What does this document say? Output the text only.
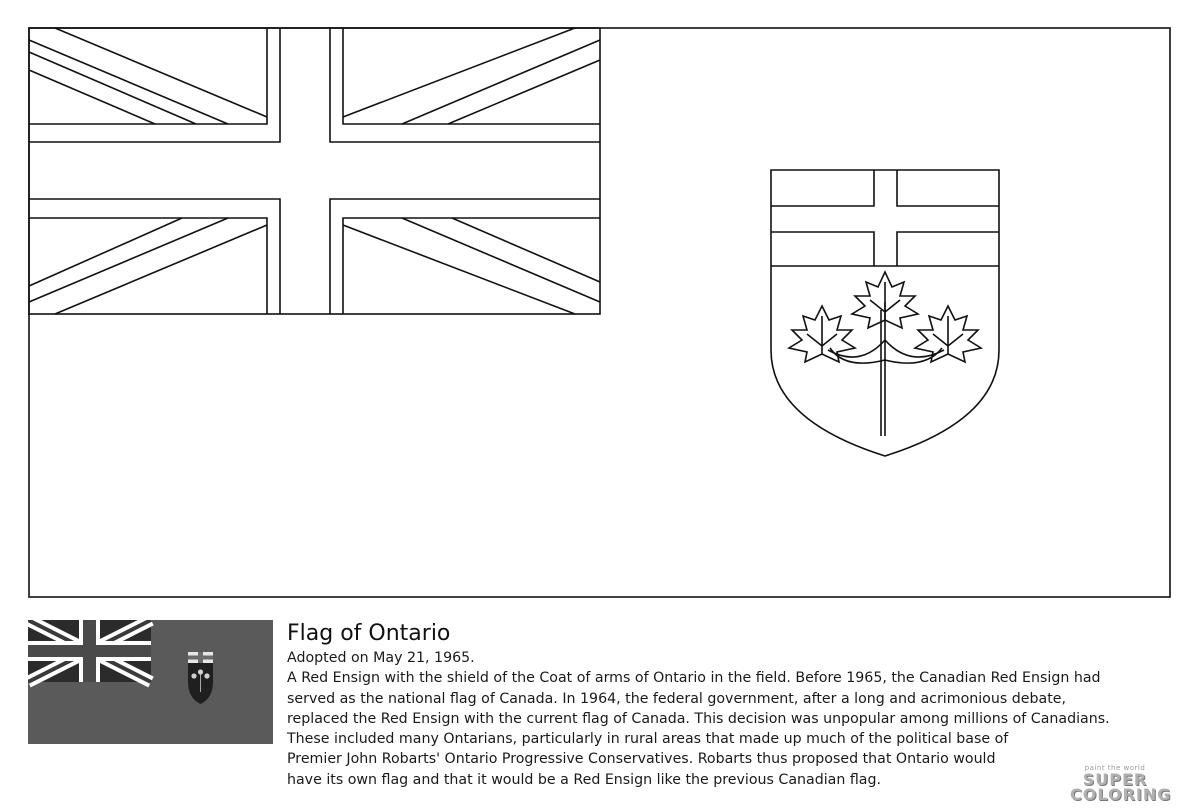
Flag of Ontario

Adopted on May 21, 1965.

A Red Ensign with the shield of the Coat of arms of Ontario in the field. Before 1965, the Canadian Red Ensign had

served as the national flag of Canada. In 1964, the federal government, after a long and acrimonious debate,

replaced the Red Ensign with the current flag of Canada. This decision was unpopular among millions of Canadians.

These included many Ontarians, particularly in rural areas that made up much of the political base of

Premier John Robarts' Ontario Progressive Conservatives. Robarts thus proposed that Ontario would

have its own flag and that it would be a Red Ensign like the previous Canadian flag.

paint the world
SUPER
COLORING
